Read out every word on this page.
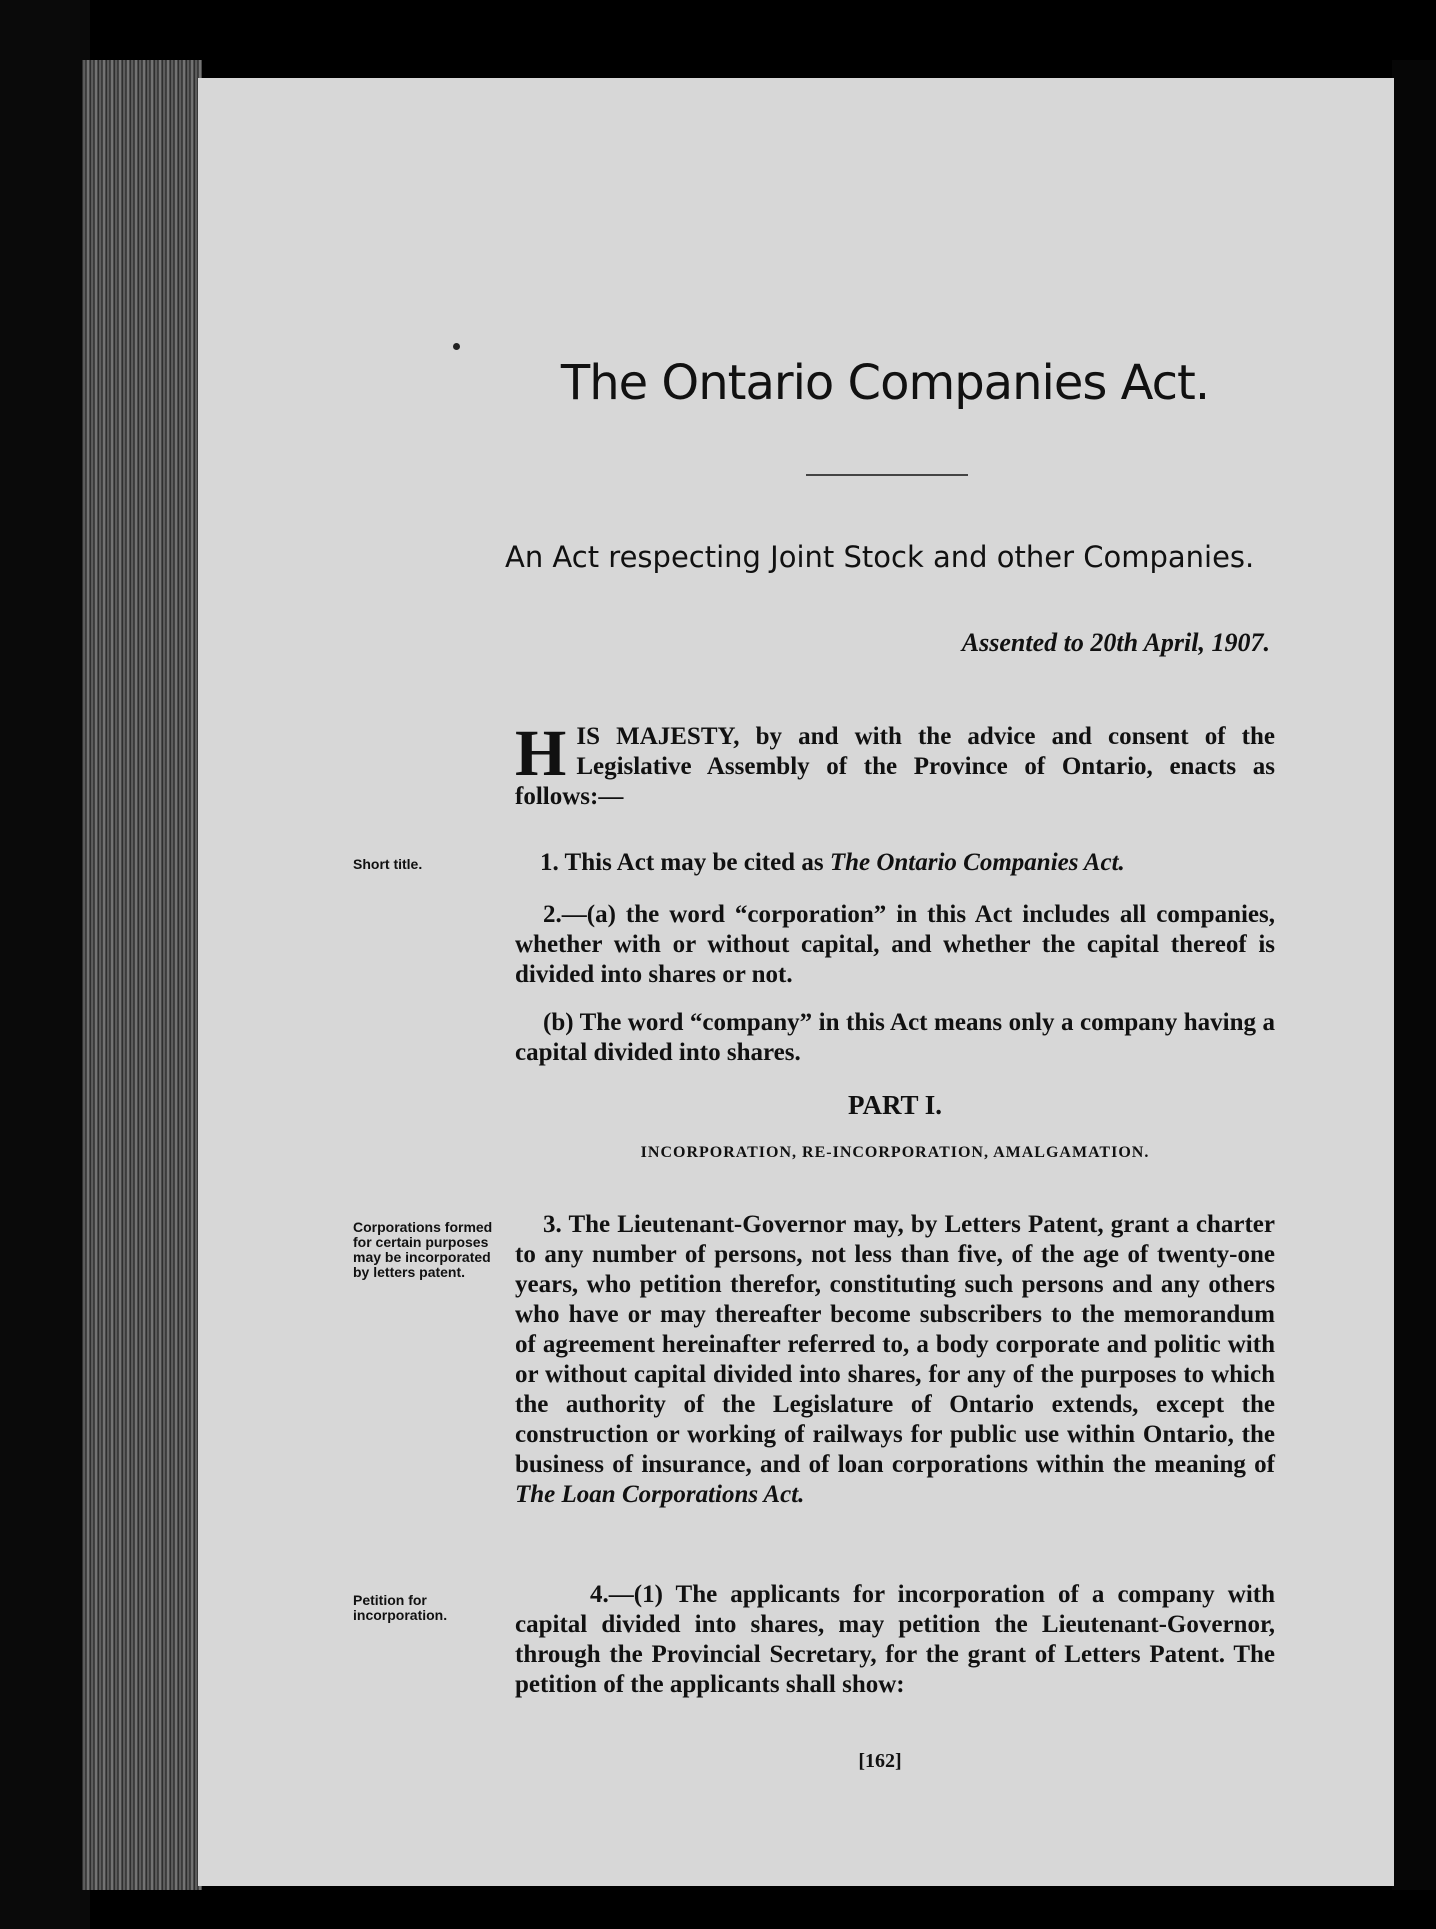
The Ontario Companies Act.
An Act respecting Joint Stock and other Companies.
Assented to 20th April, 1907.
HIS MAJESTY, by and with the advice and consent of the Legislative Assembly of the Province of Ontario, enacts as follows:—
Short title.	1. This Act may be cited as The Ontario Companies Act.
2.—(a) the word “corporation” in this Act includes all companies, whether with or without capital, and whether the capital thereof is divided into shares or not.
(b) The word “company” in this Act means only a company having a capital divided into shares.
PART I.
INCORPORATION, RE-INCORPORATION, AMALGAMATION.
Corporations formed for certain purposes may be incorporated by letters patent.
3. The Lieutenant-Governor may, by Letters Patent, grant a charter to any number of persons, not less than five, of the age of twenty-one years, who petition therefor, constituting such persons and any others who have or may thereafter become subscribers to the memorandum of agreement hereinafter referred to, a body corporate and politic with or without capital divided into shares, for any of the purposes to which the authority of the Legislature of Ontario extends, except the construction or working of railways for public use within Ontario, the business of insurance, and of loan corporations within the meaning of The Loan Corporations Act.
Petition for incorporation.
4.—(1) The applicants for incorporation of a company with capital divided into shares, may petition the Lieutenant-Governor, through the Provincial Secretary, for the grant of Letters Patent. The petition of the applicants shall show:
[162]
